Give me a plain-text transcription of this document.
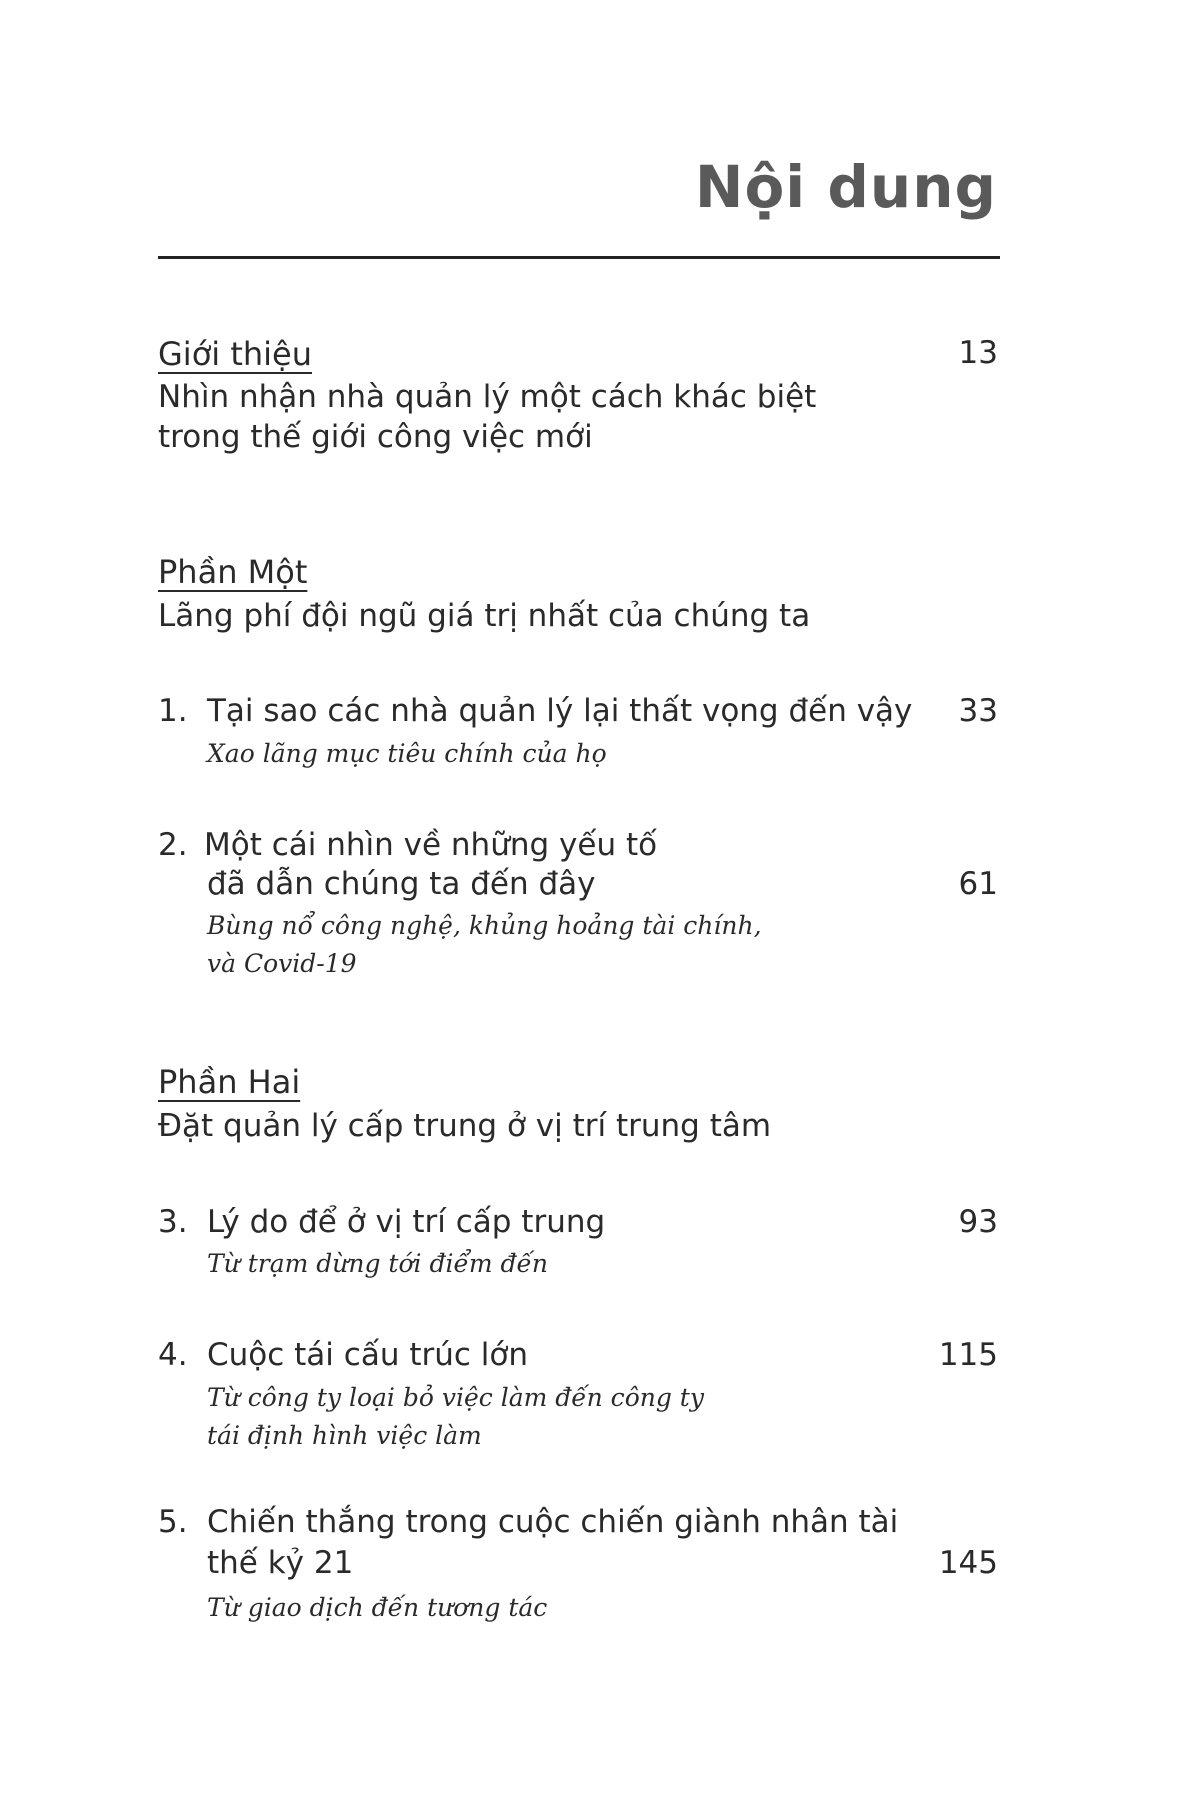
Nội dung
Giới thiệu	13
Nhìn nhận nhà quản lý một cách khác biệt
trong thế giới công việc mới
Phần Một
Lãng phí đội ngũ giá trị nhất của chúng ta
1. Tại sao các nhà quản lý lại thất vọng đến vậy 33
Xao lãng mục tiêu chính của họ
2. Một cái nhìn về những yếu tố
đã dẫn chúng ta đến đây	61
Bùng nổ công nghệ, khủng hoảng tài chính,
và Covid-19
Phần Hai
Đặt quản lý cấp trung ở vị trí trung tâm
3. Lý do để ở vị trí cấp trung	93
Từ trạm dừng tới điểm đến
4. Cuộc tái cấu trúc lớn	115
Từ công ty loại bỏ việc làm đến công ty
tái định hình việc làm
5. Chiến thắng trong cuộc chiến giành nhân tài
thế kỷ 21	145
Từ giao dịch đến tương tác
